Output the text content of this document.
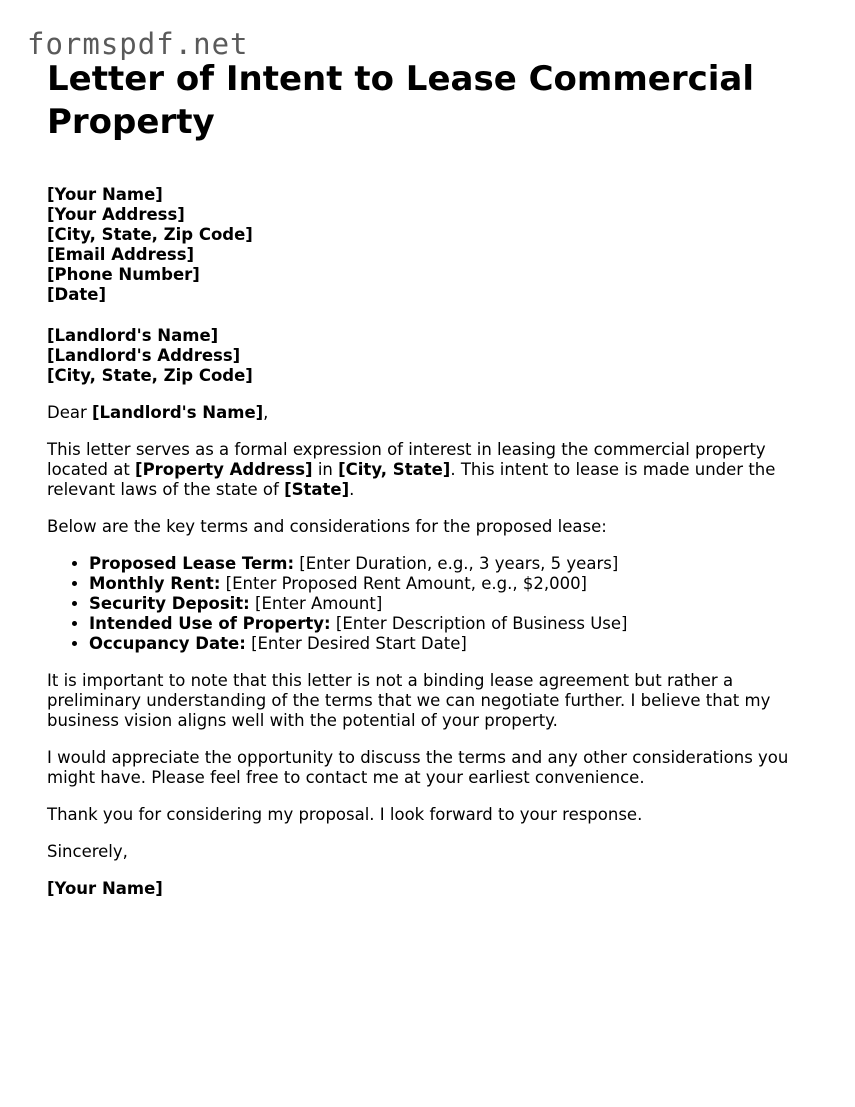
formspdf.net
Letter of Intent to Lease Commercial Property
[Your Name]
[Your Address]
[City, State, Zip Code]
[Email Address]
[Phone Number]
[Date]
[Landlord's Name]
[Landlord's Address]
[City, State, Zip Code]

Dear [Landlord's Name],

This letter serves as a formal expression of interest in leasing the commercial property located at [Property Address] in [City, State]. This intent to lease is made under the relevant laws of the state of [State].

Below are the key terms and considerations for the proposed lease:

• Proposed Lease Term: [Enter Duration, e.g., 3 years, 5 years]
• Monthly Rent: [Enter Proposed Rent Amount, e.g., $2,000]
• Security Deposit: [Enter Amount]
• Intended Use of Property: [Enter Description of Business Use]
• Occupancy Date: [Enter Desired Start Date]

It is important to note that this letter is not a binding lease agreement but rather a preliminary understanding of the terms that we can negotiate further. I believe that my business vision aligns well with the potential of your property.

I would appreciate the opportunity to discuss the terms and any other considerations you might have. Please feel free to contact me at your earliest convenience.

Thank you for considering my proposal. I look forward to your response.

Sincerely,

[Your Name]
